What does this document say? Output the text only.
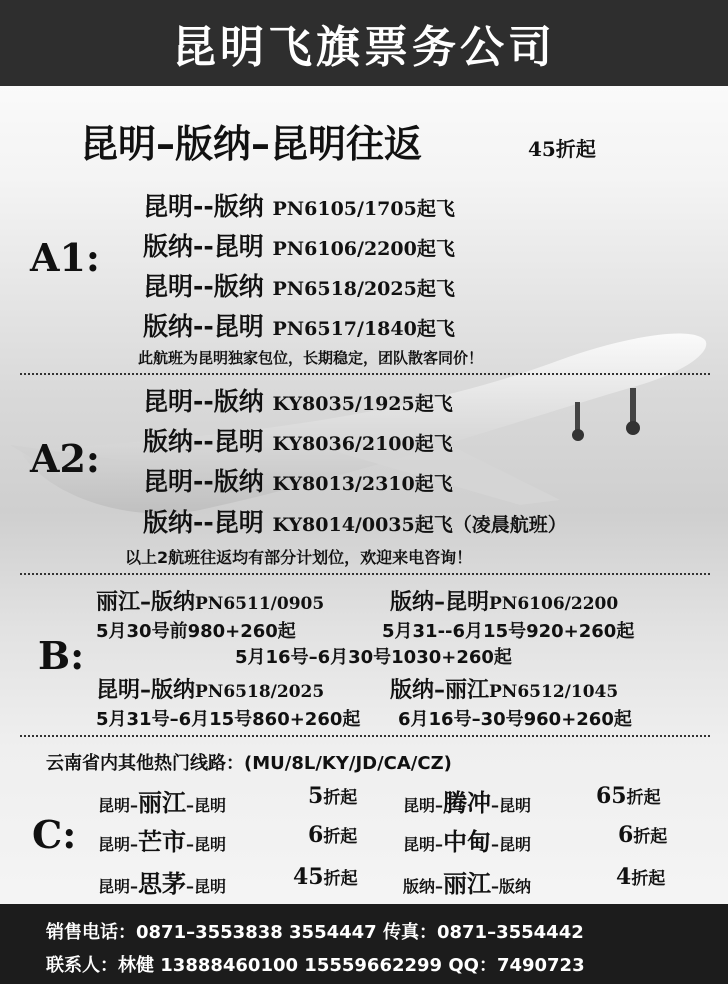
昆明飞旗票务公司
昆明–版纳–昆明往返	45折起
A1:
昆明--版纳 PN6105/1705起飞
版纳--昆明 PN6106/2200起飞
昆明--版纳 PN6518/2025起飞
版纳--昆明 PN6517/1840起飞
此航班为昆明独家包位，长期稳定，团队散客同价！
A2:
昆明--版纳 KY8035/1925起飞
版纳--昆明 KY8036/2100起飞
昆明--版纳 KY8013/2310起飞
版纳--昆明 KY8014/0035起飞（凌晨航班）
以上2航班往返均有部分计划位，欢迎来电咨询！
B:
丽江–版纳PN6511/0905	版纳–昆明PN6106/2200
5月30号前980+260起	5月31--6月15号920+260起
5月16号–6月30号1030+260起
昆明–版纳PN6518/2025	版纳–丽江PN6512/1045
5月31号–6月15号860+260起 6月16号–30号960+260起
云南省内其他热门线路：(MU/8L/KY/JD/CA/CZ)
C:
昆明–丽江–昆明	5折起	昆明–腾冲–昆明	65折起
昆明–芒市–昆明	6折起	昆明–中甸–昆明	6折起
昆明–思茅–昆明	45折起	版纳–丽江–版纳	4折起
销售电话：0871–3553838 3554447 传真：0871–3554442
联系人：林健 13888460100 15559662299 QQ：7490723
